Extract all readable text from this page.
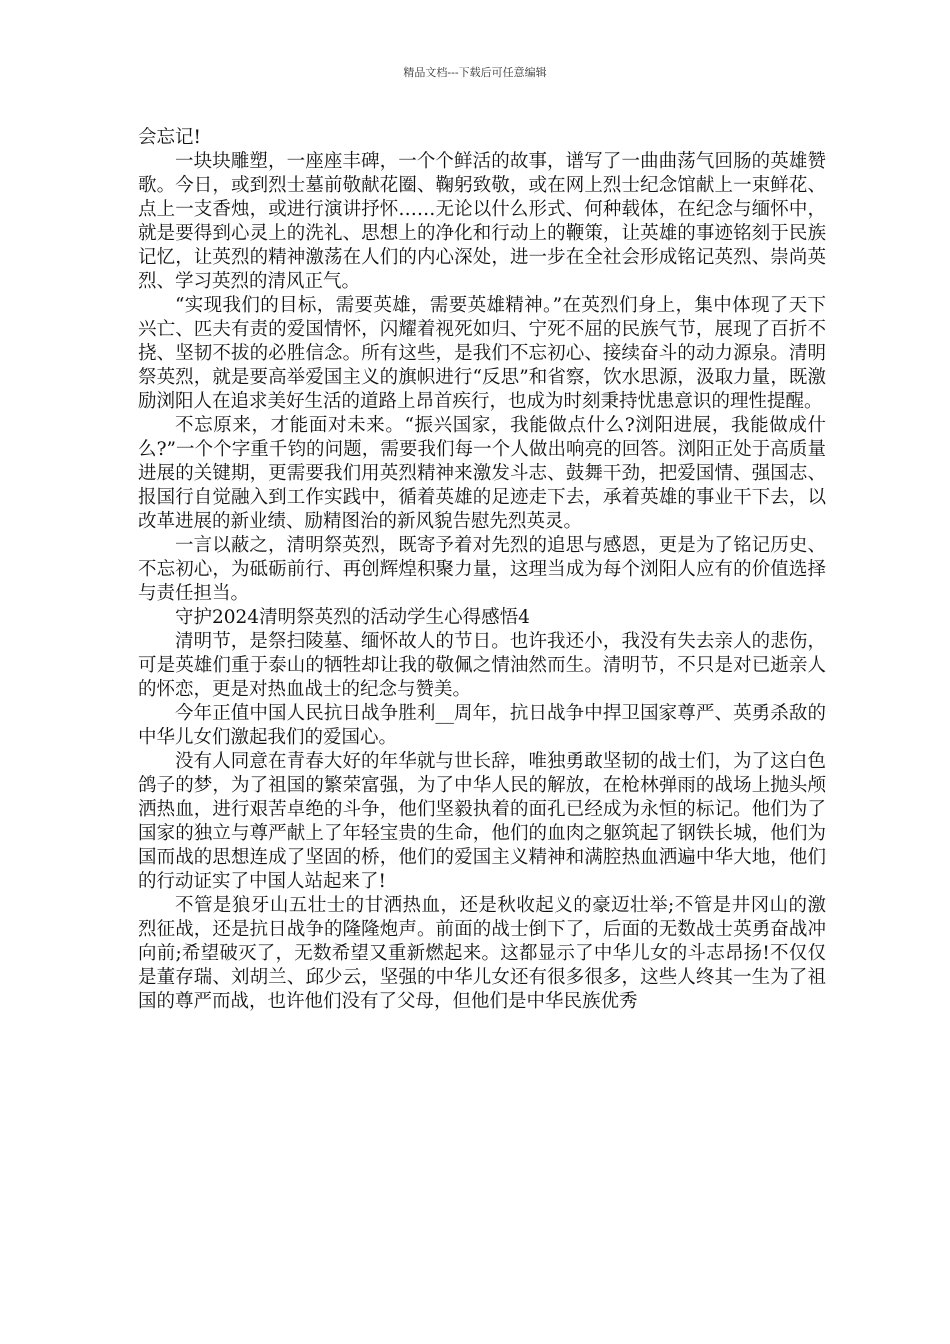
精品文档---下载后可任意编辑

会忘记!

一块块雕塑，一座座丰碑，一个个鲜活的故事，谱写了一曲曲荡气回肠的英雄赞歌。今日，或到烈士墓前敬献花圈、鞠躬致敬，或在网上烈士纪念馆献上一束鲜花、点上一支香烛，或进行演讲抒怀……无论以什么形式、何种载体，在纪念与缅怀中，就是要得到心灵上的洗礼、思想上的净化和行动上的鞭策，让英雄的事迹铭刻于民族记忆，让英烈的精神激荡在人们的内心深处，进一步在全社会形成铭记英烈、崇尚英烈、学习英烈的清风正气。

“实现我们的目标，需要英雄，需要英雄精神。”在英烈们身上，集中体现了天下兴亡、匹夫有责的爱国情怀，闪耀着视死如归、宁死不屈的民族气节，展现了百折不挠、坚韧不拔的必胜信念。所有这些，是我们不忘初心、接续奋斗的动力源泉。清明祭英烈，就是要高举爱国主义的旗帜进行“反思”和省察，饮水思源，汲取力量，既激励浏阳人在追求美好生活的道路上昂首疾行，也成为时刻秉持忧患意识的理性提醒。

不忘原来，才能面对未来。“振兴国家，我能做点什么?浏阳进展，我能做成什么?”一个个字重千钧的问题，需要我们每一个人做出响亮的回答。浏阳正处于高质量进展的关键期，更需要我们用英烈精神来激发斗志、鼓舞干劲，把爱国情、强国志、报国行自觉融入到工作实践中，循着英雄的足迹走下去，承着英雄的事业干下去，以改革进展的新业绩、励精图治的新风貌告慰先烈英灵。

一言以蔽之，清明祭英烈，既寄予着对先烈的追思与感恩，更是为了铭记历史、不忘初心，为砥砺前行、再创辉煌积聚力量，这理当成为每个浏阳人应有的价值选择与责任担当。

守护2024清明祭英烈的活动学生心得感悟4

清明节，是祭扫陵墓、缅怀故人的节日。也许我还小，我没有失去亲人的悲伤，可是英雄们重于泰山的牺牲却让我的敬佩之情油然而生。清明节，不只是对已逝亲人的怀恋，更是对热血战士的纪念与赞美。

今年正值中国人民抗日战争胜利__周年，抗日战争中捍卫国家尊严、英勇杀敌的中华儿女们激起我们的爱国心。

没有人同意在青春大好的年华就与世长辞，唯独勇敢坚韧的战士们，为了这白色鸽子的梦，为了祖国的繁荣富强，为了中华人民的解放，在枪林弹雨的战场上抛头颅洒热血，进行艰苦卓绝的斗争，他们坚毅执着的面孔已经成为永恒的标记。他们为了国家的独立与尊严献上了年轻宝贵的生命，他们的血肉之躯筑起了钢铁长城，他们为国而战的思想连成了坚固的桥，他们的爱国主义精神和满腔热血洒遍中华大地，他们的行动证实了中国人站起来了!

不管是狼牙山五壮士的甘洒热血，还是秋收起义的豪迈壮举;不管是井冈山的激烈征战，还是抗日战争的隆隆炮声。前面的战士倒下了，后面的无数战士英勇奋战冲向前;希望破灭了，无数希望又重新燃起来。这都显示了中华儿女的斗志昂扬!不仅仅是董存瑞、刘胡兰、邱少云，坚强的中华儿女还有很多很多，这些人终其一生为了祖国的尊严而战，也许他们没有了父母，但他们是中华民族优秀
